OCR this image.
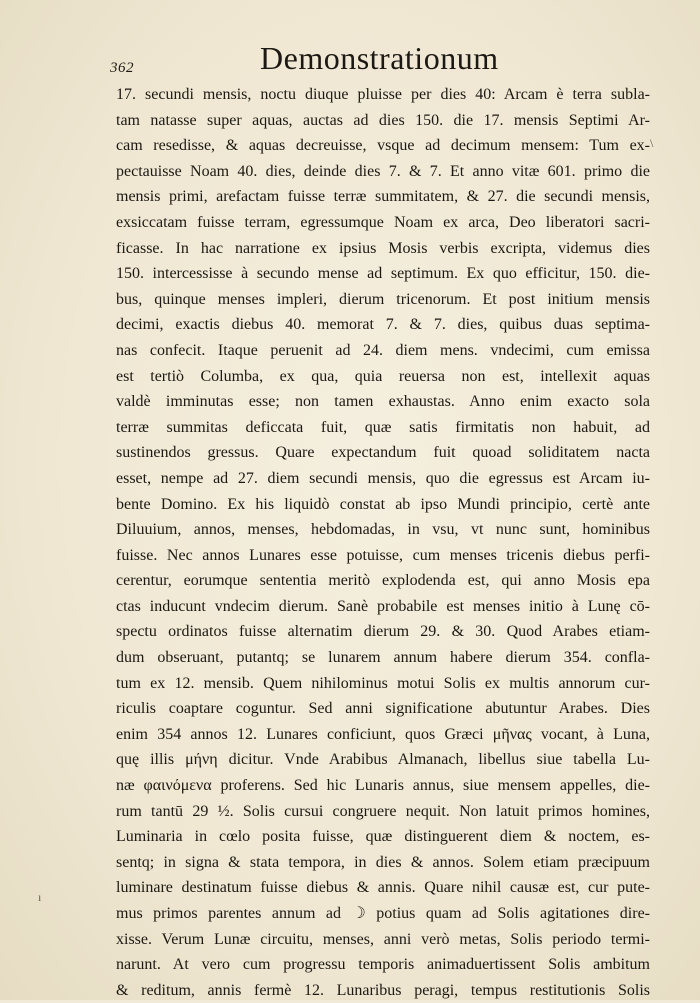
362	Demonstrationum
17. secundi mensis, noctu diuque pluisse per dies 40: Arcam è terra subla-
tam natasse super aquas, auctas ad dies 150. die 17. mensis Septimi Ar-
cam resedisse, & aquas decreuisse, vsque ad decimum mensem: Tum ex-
pectauisse Noam 40. dies, deinde dies 7. & 7. Et anno vitæ 601. primo die
mensis primi, arefactam fuisse terræ summitatem, & 27. die secundi mensis,
exsiccatam fuisse terram, egressumque Noam ex arca, Deo liberatori sacri-
ficasse. In hac narratione ex ipsius Mosis verbis excripta, videmus dies
150. intercessisse à secundo mense ad septimum. Ex quo efficitur, 150. die-
bus, quinque menses impleri, dierum tricenorum. Et post initium mensis
decimi, exactis diebus 40. memorat 7. & 7. dies, quibus duas septima-
nas confecit. Itaque peruenit ad 24. diem mens. vndecimi, cum emissa
est tertiò Columba, ex qua, quia reuersa non est, intellexit aquas
valdè imminutas esse; non tamen exhaustas. Anno enim exacto sola
terræ summitas deficcata fuit, quæ satis firmitatis non habuit, ad
sustinendos gressus. Quare expectandum fuit quoad soliditatem nacta
esset, nempe ad 27. diem secundi mensis, quo die egressus est Arcam iu-
bente Domino. Ex his liquidò constat ab ipso Mundi principio, certè ante
Diluuium, annos, menses, hebdomadas, in vsu, vt nunc sunt, hominibus
fuisse. Nec annos Lunares esse potuisse, cum menses tricenis diebus perfi-
cerentur, eorumque sententia meritò explodenda est, qui anno Mosis epa
ctas inducunt vndecim dierum. Sanè probabile est menses initio à Lunę cō-
spectu ordinatos fuisse alternatim dierum 29. & 30. Quod Arabes etiam-
dum obseruant, putantq; se lunarem annum habere dierum 354. confla-
tum ex 12. mensib. Quem nihilominus motui Solis ex multis annorum cur-
riculis coaptare coguntur. Sed anni significatione abutuntur Arabes. Dies
enim 354 annos 12. Lunares conficiunt, quos Græci μῆνας vocant, à Luna,
quę illis μήνη dicitur. Vnde Arabibus Almanach, libellus siue tabella Lu-
næ φαινόμενα proferens. Sed hic Lunaris annus, siue mensem appelles, die-
rum tantū 29 ½. Solis cursui congruere nequit. Non latuit primos homines,
Luminaria in cœlo posita fuisse, quæ distinguerent diem & noctem, es-
sentq; in signa & stata tempora, in dies & annos. Solem etiam præcipuum
luminare destinatum fuisse diebus & annis. Quare nihil causæ est, cur pute-
mus primos parentes annum ad ☽ potius quam ad Solis agitationes dire-
xisse. Verum Lunæ circuitu, menses, anni verò metas, Solis periodo termi-
narunt. At vero cum progressu temporis animaduertissent Solis ambitum
& reditum, annis fermè 12. Lunaribus peragi, tempus restitutionis Solis
\
ı
